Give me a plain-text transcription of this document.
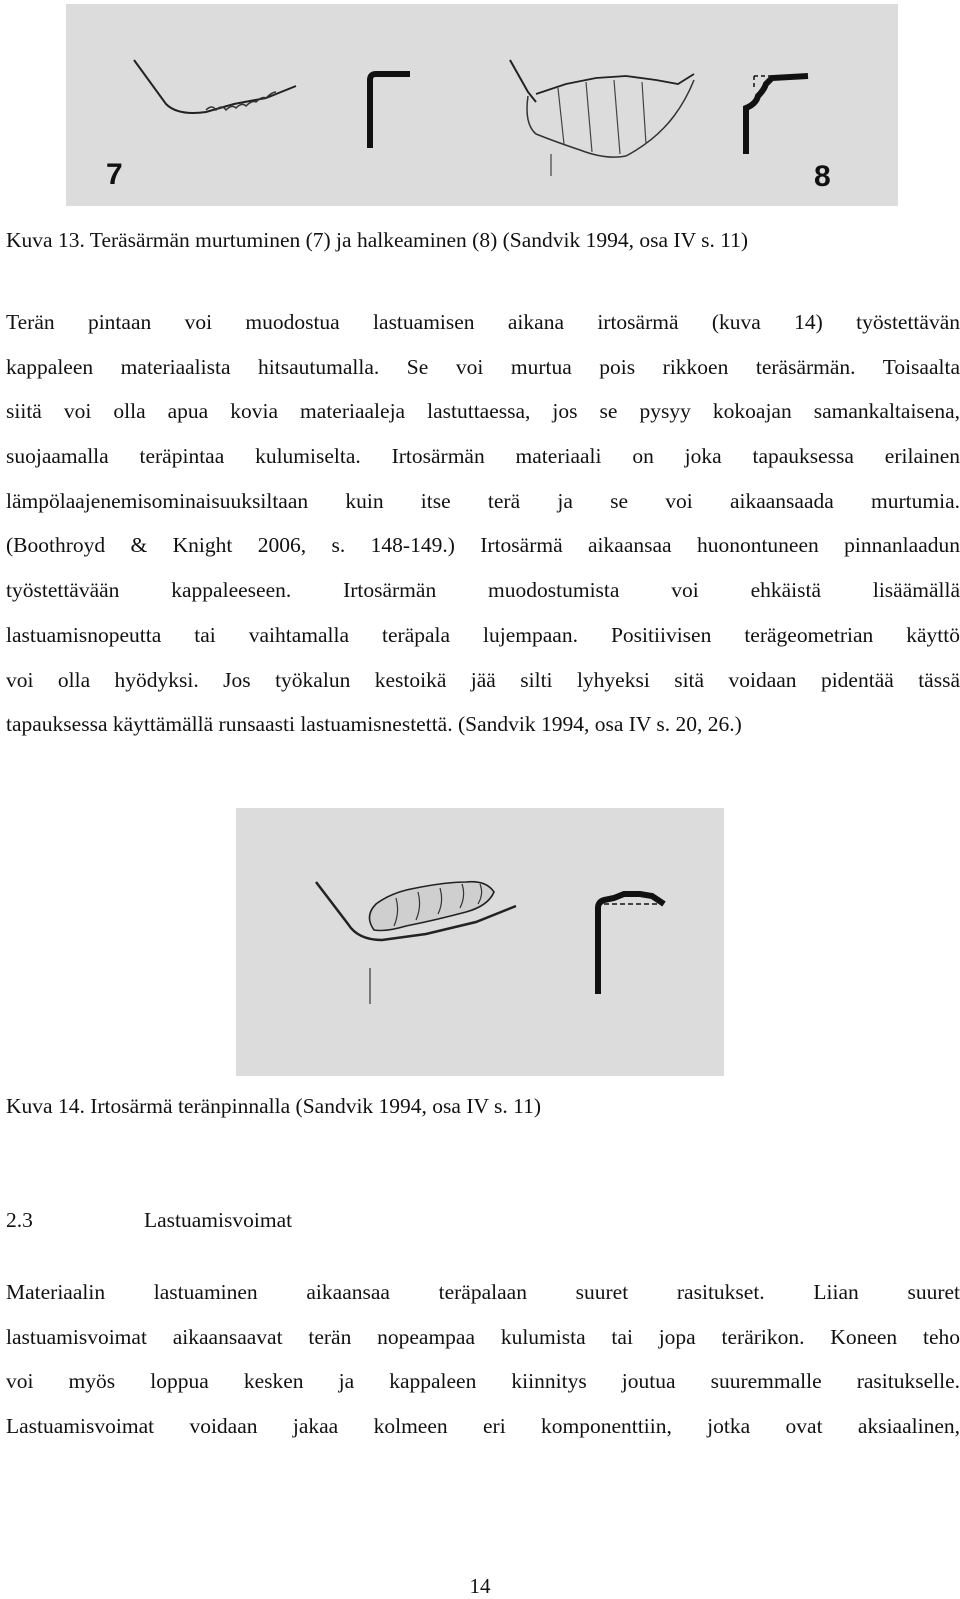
7	8
Kuva 13. Teräsärmän murtuminen (7) ja halkeaminen (8) (Sandvik 1994, osa IV s. 11)
Terän pintaan voi muodostua lastuamisen aikana irtosärmä (kuva 14) työstettävän
kappaleen materiaalista hitsautumalla. Se voi murtua pois rikkoen teräsärmän. Toisaalta
siitä voi olla apua kovia materiaaleja lastuttaessa, jos se pysyy kokoajan samankaltaisena,
suojaamalla teräpintaa kulumiselta. Irtosärmän materiaali on joka tapauksessa erilainen
lämpölaajenemisominaisuuksiltaan kuin itse terä ja se voi aikaansaada murtumia.
(Boothroyd & Knight 2006, s. 148-149.) Irtosärmä aikaansaa huonontuneen pinnanlaadun
työstettävään kappaleeseen. Irtosärmän muodostumista voi ehkäistä lisäämällä
lastuamisnopeutta tai vaihtamalla teräpala lujempaan. Positiivisen terägeometrian käyttö
voi olla hyödyksi. Jos työkalun kestoikä jää silti lyhyeksi sitä voidaan pidentää tässä
tapauksessa käyttämällä runsaasti lastuamisnestettä. (Sandvik 1994, osa IV s. 20, 26.)
Kuva 14. Irtosärmä teränpinnalla (Sandvik 1994, osa IV s. 11)
2.3	Lastuamisvoimat
Materiaalin lastuaminen aikaansaa teräpalaan suuret rasitukset. Liian suuret
lastuamisvoimat aikaansaavat terän nopeampaa kulumista tai jopa terärikon. Koneen teho
voi myös loppua kesken ja kappaleen kiinnitys joutua suuremmalle rasitukselle.
Lastuamisvoimat voidaan jakaa kolmeen eri komponenttiin, jotka ovat aksiaalinen,
14
